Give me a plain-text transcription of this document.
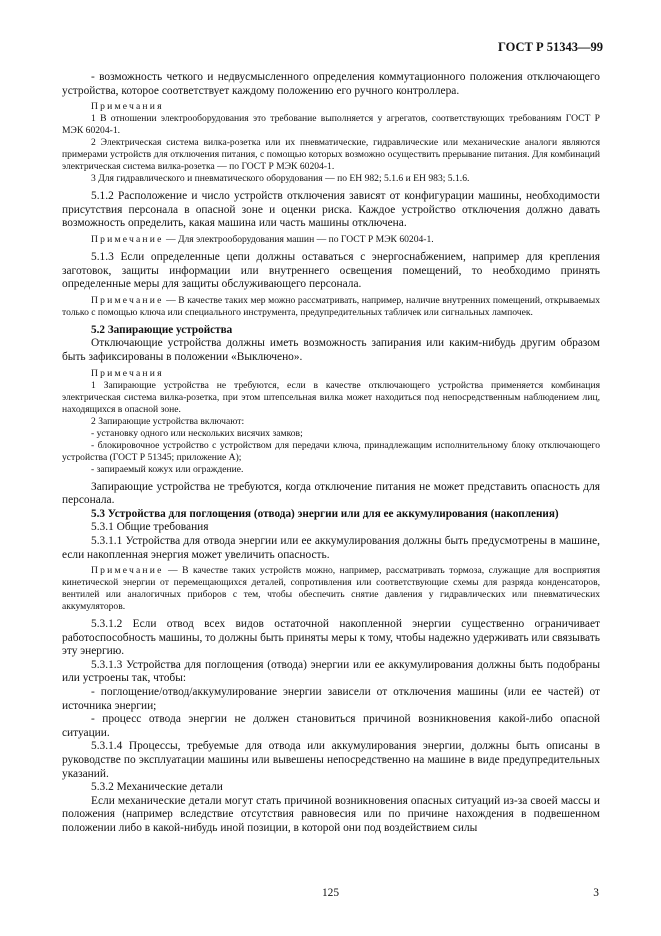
ГОСТ Р 51343—99

- возможность четкого и недвусмысленного определения коммутационного положения отключающего устройства, которое соответствует каждому положению его ручного контроллера.

Примечания

1 В отношении электрооборудования это требование выполняется у агрегатов, соответствующих требованиям ГОСТ Р МЭК 60204-1.

2 Электрическая система вилка-розетка или их пневматические, гидравлические или механические аналоги являются примерами устройств для отключения питания, с помощью которых возможно осуществить прерывание питания. Для комбинаций электрическая система вилка-розетка — по ГОСТ Р МЭК 60204-1.

3 Для гидравлического и пневматического оборудования — по ЕН 982; 5.1.6 и ЕН 983; 5.1.6.

5.1.2 Расположение и число устройств отключения зависят от конфигурации машины, необходимости присутствия персонала в опасной зоне и оценки риска. Каждое устройство отключения должно давать возможность определить, какая машина или часть машины отключена.

Примечание — Для электрооборудования машин — по ГОСТ Р МЭК 60204-1.

5.1.3 Если определенные цепи должны оставаться с энергоснабжением, например для крепления заготовок, защиты информации или внутреннего освещения помещений, то необходимо принять определенные меры для защиты обслуживающего персонала.

Примечание — В качестве таких мер можно рассматривать, например, наличие внутренних помещений, открываемых только с помощью ключа или специального инструмента, предупредительных табличек или сигнальных лампочек.

5.2 Запирающие устройства

Отключающие устройства должны иметь возможность запирания или каким-нибудь другим образом быть зафиксированы в положении «Выключено».

Примечания

1 Запирающие устройства не требуются, если в качестве отключающего устройства применяется комбинация электрическая система вилка-розетка, при этом штепсельная вилка может находиться под непосредственным наблюдением лиц, находящихся в опасной зоне.

2 Запирающие устройства включают:

- установку одного или нескольких висячих замков;

- блокировочное устройство с устройством для передачи ключа, принадлежащим исполнительному блоку отключающего устройства (ГОСТ Р 51345; приложение А);

- запираемый кожух или ограждение.

Запирающие устройства не требуются, когда отключение питания не может представить опасность для персонала.

5.3 Устройства для поглощения (отвода) энергии или для ее аккумулирования (накопления)

5.3.1 Общие требования

5.3.1.1 Устройства для отвода энергии или ее аккумулирования должны быть предусмотрены в машине, если накопленная энергия может увеличить опасность.

Примечание — В качестве таких устройств можно, например, рассматривать тормоза, служащие для восприятия кинетической энергии от перемещающихся деталей, сопротивления или соответствующие схемы для разряда конденсаторов, вентилей или аналогичных приборов с тем, чтобы обеспечить снятие давления у гидравлических или пневматических аккумуляторов.

5.3.1.2 Если отвод всех видов остаточной накопленной энергии существенно ограничивает работоспособность машины, то должны быть приняты меры к тому, чтобы надежно удерживать или связывать эту энергию.

5.3.1.3 Устройства для поглощения (отвода) энергии или ее аккумулирования должны быть подобраны или устроены так, чтобы:

- поглощение/отвод/аккумулирование энергии зависели от отключения машины (или ее частей) от источника энергии;

- процесс отвода энергии не должен становиться причиной возникновения какой-либо опасной ситуации.

5.3.1.4 Процессы, требуемые для отвода или аккумулирования энергии, должны быть описаны в руководстве по эксплуатации машины или вывешены непосредственно на машине в виде предупредительных указаний.

5.3.2 Механические детали

Если механические детали могут стать причиной возникновения опасных ситуаций из-за своей массы и положения (например вследствие отсутствия равновесия или по причине нахождения в подвешенном положении либо в какой-нибудь иной позиции, в которой они под воздействием силы

125	3
